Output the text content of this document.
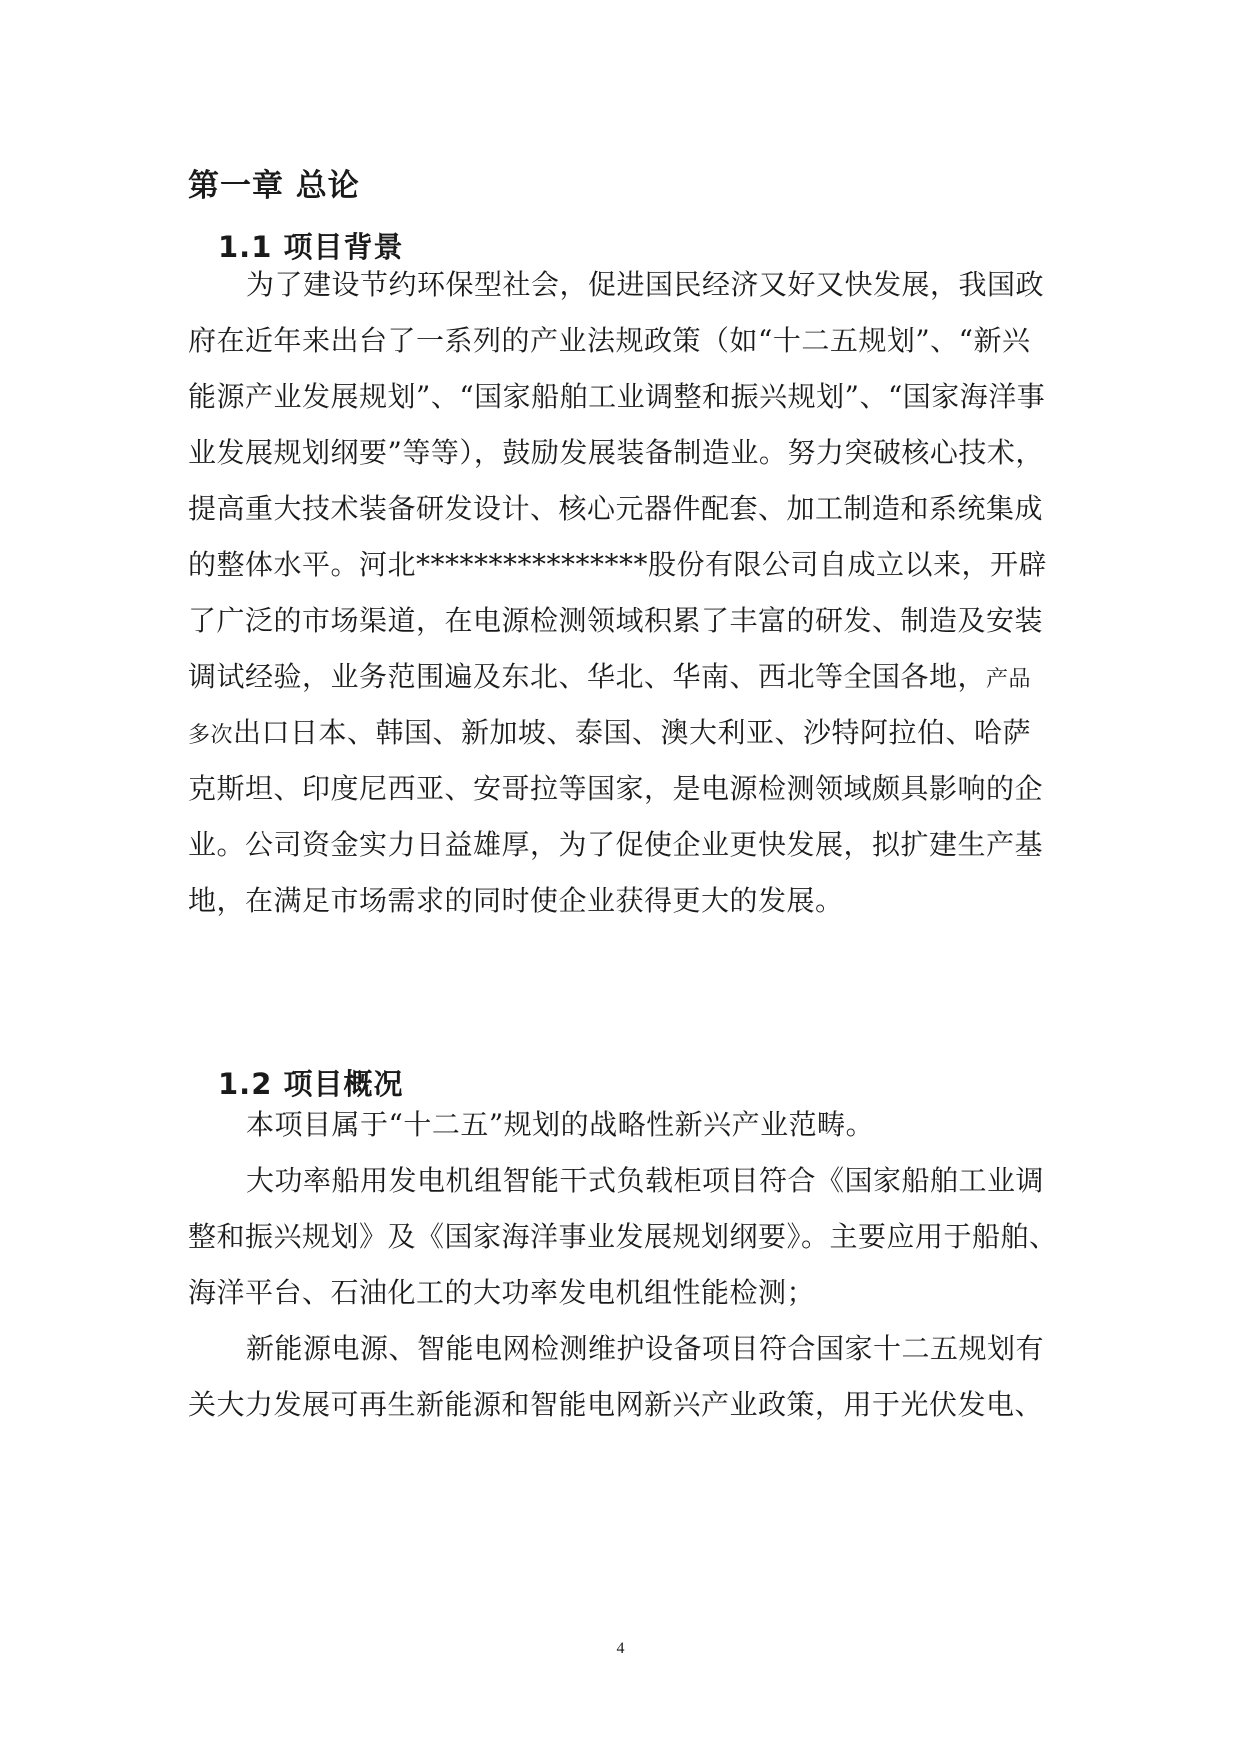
第一章 总论
1.1 项目背景
为了建设节约环保型社会，促进国民经济又好又快发展，我国政
府在近年来出台了一系列的产业法规政策（如“十二五规划”、“新兴
能源产业发展规划”、“国家船舶工业调整和振兴规划”、“国家海洋事
业发展规划纲要”等等），鼓励发展装备制造业。努力突破核心技术，
提高重大技术装备研发设计、核心元器件配套、加工制造和系统集成
的整体水平。河北****************股份有限公司自成立以来，开辟
了广泛的市场渠道，在电源检测领域积累了丰富的研发、制造及安装
调试经验，业务范围遍及东北、华北、华南、西北等全国各地，产品
多次出口日本、韩国、新加坡、泰国、澳大利亚、沙特阿拉伯、哈萨
克斯坦、印度尼西亚、安哥拉等国家，是电源检测领域颇具影响的企
业。公司资金实力日益雄厚，为了促使企业更快发展，拟扩建生产基
地，在满足市场需求的同时使企业获得更大的发展。
1.2 项目概况
本项目属于“十二五”规划的战略性新兴产业范畴。
大功率船用发电机组智能干式负载柜项目符合《国家船舶工业调
整和振兴规划》及《国家海洋事业发展规划纲要》。主要应用于船舶、
海洋平台、石油化工的大功率发电机组性能检测；
新能源电源、智能电网检测维护设备项目符合国家十二五规划有
关大力发展可再生新能源和智能电网新兴产业政策，用于光伏发电、
4
